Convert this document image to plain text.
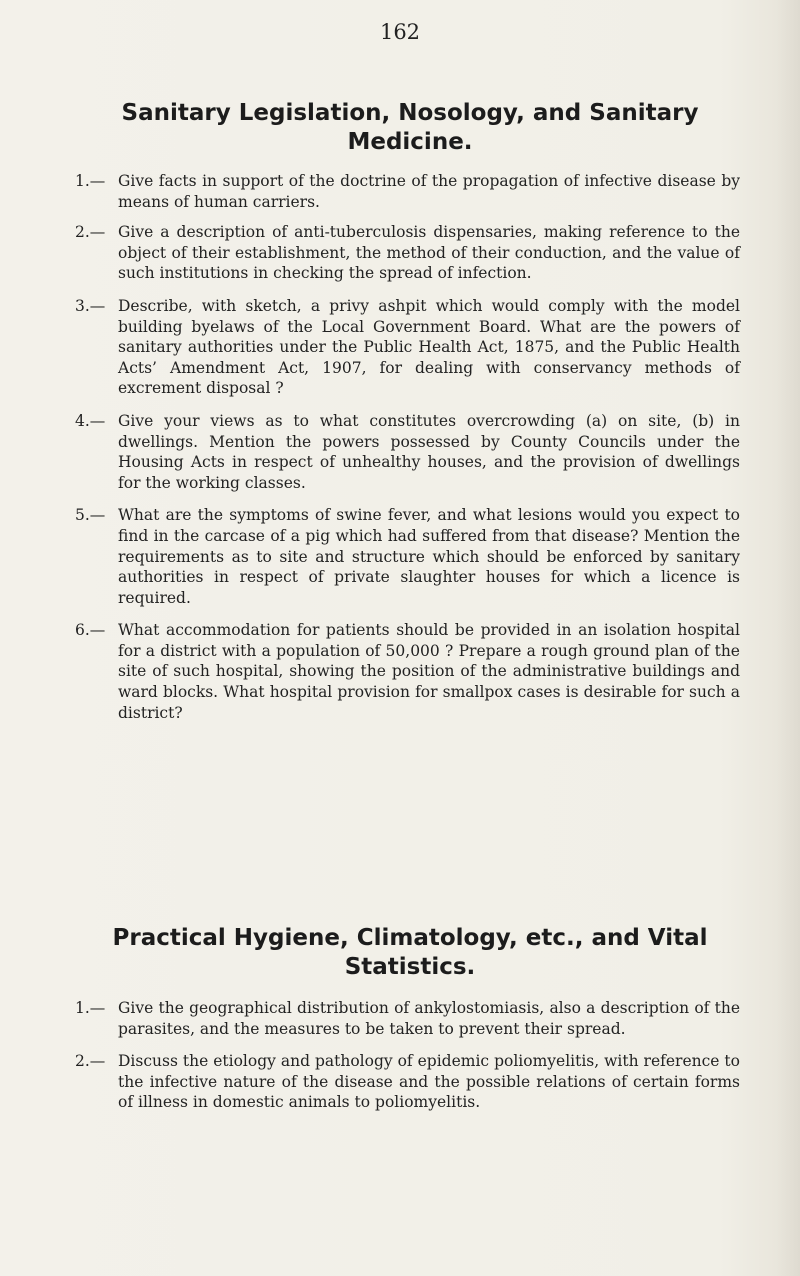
162
Sanitary Legislation, Nosology, and Sanitary Medicine.
1.— Give facts in support of the doctrine of the propagation of infective disease by means of human carriers.
2.— Give a description of anti-tuberculosis dispensaries, making reference to the object of their establishment, the method of their conduction, and the value of such institutions in checking the spread of infection.
3.— Describe, with sketch, a privy ashpit which would comply with the model building byelaws of the Local Government Board. What are the powers of sanitary authorities under the Public Health Act, 1875, and the Public Health Acts’ Amendment Act, 1907, for dealing with conservancy methods of excrement disposal ?
4.— Give your views as to what constitutes overcrowding (a) on site, (b) in dwellings. Mention the powers possessed by County Councils under the Housing Acts in respect of unhealthy houses, and the provision of dwellings for the working classes.
5.— What are the symptoms of swine fever, and what lesions would you expect to find in the carcase of a pig which had suffered from that disease? Mention the requirements as to site and structure which should be enforced by sanitary authorities in respect of private slaughter houses for which a licence is required.
6.— What accommodation for patients should be provided in an isolation hospital for a district with a population of 50,000 ? Prepare a rough ground plan of the site of such hospital, showing the position of the administrative buildings and ward blocks. What hospital provision for smallpox cases is desirable for such a district?
Practical Hygiene, Climatology, etc., and Vital Statistics.
1.— Give the geographical distribution of ankylostomiasis, also a description of the parasites, and the measures to be taken to prevent their spread.
2.— Discuss the etiology and pathology of epidemic poliomyelitis, with reference to the infective nature of the disease and the possible relations of certain forms of illness in domestic animals to poliomyelitis.
